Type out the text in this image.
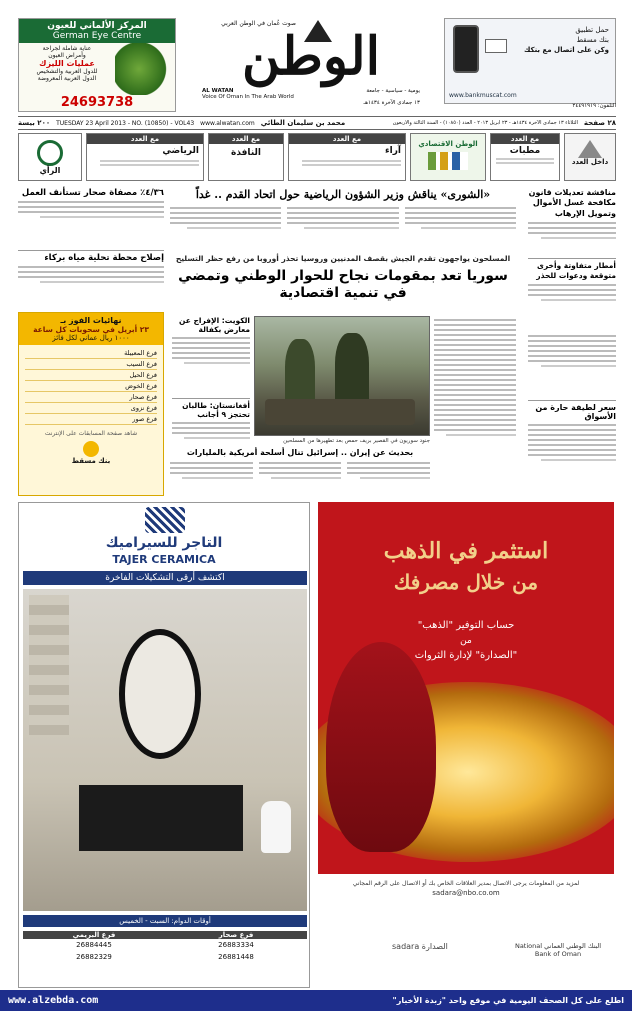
المركز الألماني للعيون
German Eye Centre
عناية شاملة لجراحة
وأمراض العيون
عمليات الليزك
للدول العربية والتشخيص
الدول العربية المعروضة
24693738
صوت عُمان في الوطن العربي
الوطن
يومية - سياسية - جامعة
AL WATAN
Voice Of Oman In The Arab World
١٣ جمادى الآخرة ١٤٣٤هـ
حمل تطبيق
بنك مسقط
وكن على اتصال مع بنكك
www.bankmuscat.com
التلفون: ٢٤٤٩١٩١٩
٢٨ صفحة
الثلاثاء ١٣ جمادى الآخرة ١٤٣٤هـ - ٢٣ أبريل ٢٠١٣ - العدد (١٠٨٥٠) - السنة الثالثة والأربعون
محمد بن سليمان الطائي
www.alwatan.com
TUESDAY 23 April 2013 - NO. (10850) - VOL43
٢٠٠ بيسة
داخل العدد
مع العدد
مطبات
الوطن الاقتصادي
مع العدد
آراء
مع العدد
النافذة
مع العدد
الرياضي
الرأي
مناقشة تعديلات قانون مكافحة غسل الأموال وتمويل الإرهاب
«الشورى» يناقش وزير الشؤون الرياضية حول اتحاد القدم .. غداً
٤/٣٦٪ مصفاة صحار تستأنف العمل
إصلاح محطة تحلية مياه بركاء
أمطار متفاوتة وأخرى متوقعة ودعوات للحذر
المسلحون يواجهون تقدم الجيش بقصف المدنيين وروسيا تحذر أوروبا من رفع حظر التسليح
سوريا تعد بمقومات نجاح للحوار الوطني وتمضي في تنمية اقتصادية
جنود سوريون في القصير بريف حمص بعد تطهيرها من المسلحين
الكويت: الإفراج عن معارض بكفالة
أفغانستان: طالبان تحتجز ٩ أجانب
بحديث عن إيران .. إسرائيل تنال أسلحة أمريكية بالمليارات
سعر لطيفة حارة من الأسواق
نهائيات الفوز بـ
٢٣ أبريل في سحوبات كل ساعة
١٠٠٠ ريال عماني لكل فائز
فرع المعبيلة
فرع السيب
فرع الحيل
فرع الخوض
فرع صحار
فرع نزوى
فرع صور
شاهد صفحة المسابقات على الإنترنت
بنك مسقط
التاجر للسيراميك
TAJER CERAMICA
اكتشف أرقى التشكيلات الفاخرة
أوقات الدوام: السبت - الخميس
فرع البريمي
26884445
26882329
فرع صحار
26883334
26881448
استثمر في الذهب
من خلال مصرفك
حساب التوفير "الذهب"
من
"الصدارة" لإدارة الثروات
لمزيد من المعلومات يرجى الاتصال بمدير العلاقات الخاص بك أو الاتصال على الرقم المجاني
sadara@nbo.co.om
الصدارة sadara	البنك الوطني العماني National Bank of Oman
اطلع على كل الصحف اليومية في موقع واحد "زبدة الأخبار"
www.alzebda.com
